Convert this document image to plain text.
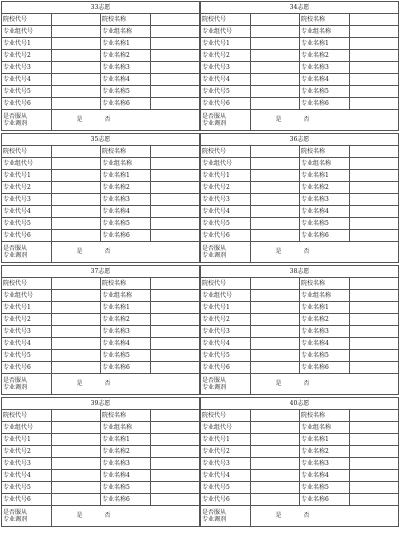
33志愿			
院校代号		院校名称	
专业组代号		专业组名称	
专业代号1		专业名称1	
专业代号2		专业名称2	
专业代号3		专业名称3	
专业代号4		专业名称4	
专业代号5		专业名称5	
专业代号6		专业名称6	

是否服从
专业调剂	是 否		
34志愿			
院校代号		院校名称	
专业组代号		专业组名称	
专业代号1		专业名称1	
专业代号2		专业名称2	
专业代号3		专业名称3	
专业代号4		专业名称4	
专业代号5		专业名称5	
专业代号6		专业名称6	

是否服从
专业调剂	是 否		
35志愿			
院校代号		院校名称	
专业组代号		专业组名称	
专业代号1		专业名称1	
专业代号2		专业名称2	
专业代号3		专业名称3	
专业代号4		专业名称4	
专业代号5		专业名称5	
专业代号6		专业名称6	

是否服从
专业调剂	是 否		
36志愿			
院校代号		院校名称	
专业组代号		专业组名称	
专业代号1		专业名称1	
专业代号2		专业名称2	
专业代号3		专业名称3	
专业代号4		专业名称4	
专业代号5		专业名称5	
专业代号6		专业名称6	

是否服从
专业调剂	是 否		
37志愿			
院校代号		院校名称	
专业组代号		专业组名称	
专业代号1		专业名称1	
专业代号2		专业名称2	
专业代号3		专业名称3	
专业代号4		专业名称4	
专业代号5		专业名称5	
专业代号6		专业名称6	

是否服从
专业调剂	是 否		
38志愿			
院校代号		院校名称	
专业组代号		专业组名称	
专业代号1		专业名称1	
专业代号2		专业名称2	
专业代号3		专业名称3	
专业代号4		专业名称4	
专业代号5		专业名称5	
专业代号6		专业名称6	

是否服从
专业调剂	是 否		
39志愿			
院校代号		院校名称	
专业组代号		专业组名称	
专业代号1		专业名称1	
专业代号2		专业名称2	
专业代号3		专业名称3	
专业代号4		专业名称4	
专业代号5		专业名称5	
专业代号6		专业名称6	

是否服从
专业调剂	是 否		
40志愿			
院校代号		院校名称	
专业组代号		专业组名称	
专业代号1		专业名称1	
专业代号2		专业名称2	
专业代号3		专业名称3	
专业代号4		专业名称4	
专业代号5		专业名称5	
专业代号6		专业名称6	

是否服从
专业调剂	是 否		
